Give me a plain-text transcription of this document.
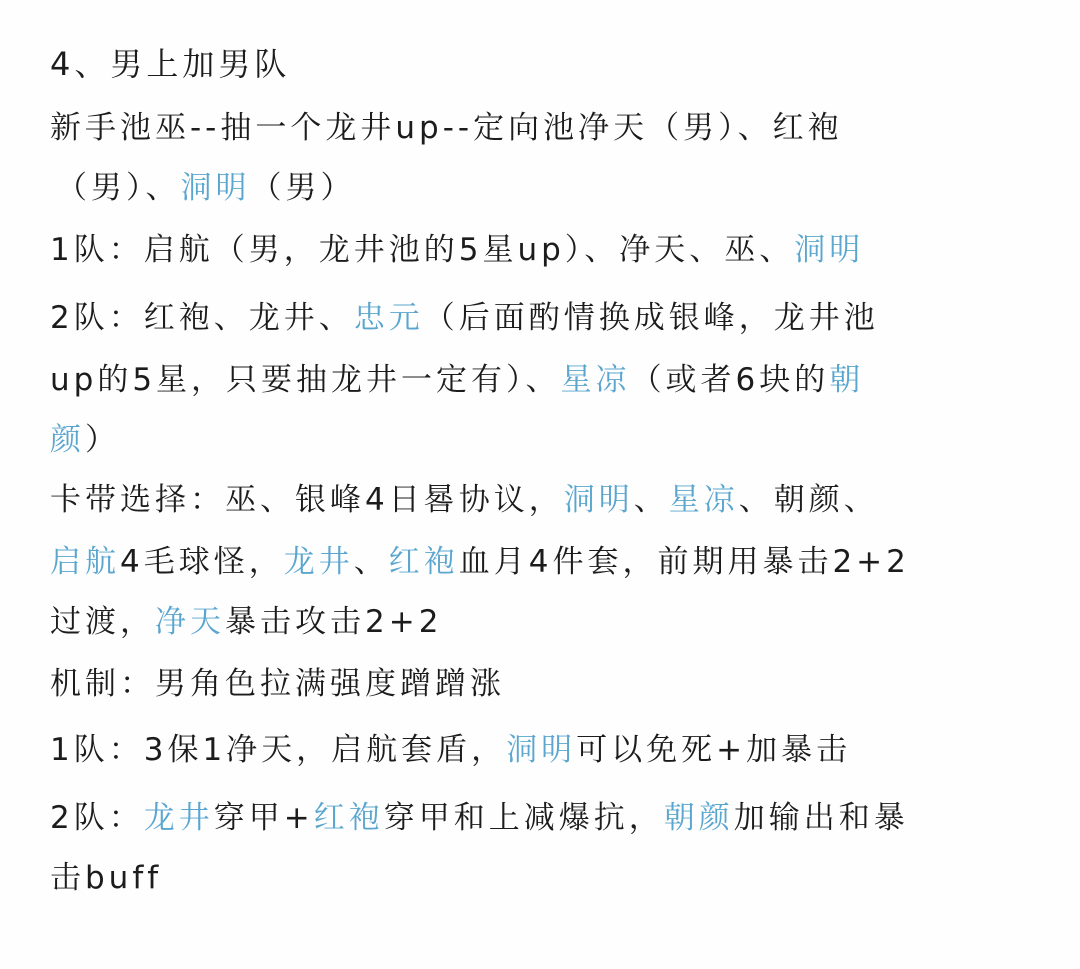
4、男上加男队
新手池巫--抽一个龙井up--定向池净天（男）、红袍
（男）、洞明（男）
1队：启航（男，龙井池的5星up）、净天、巫、洞明
2队：红袍、龙井、忠元（后面酌情换成银峰，龙井池
up的5星，只要抽龙井一定有）、星凉（或者6块的朝
颜）
卡带选择：巫、银峰4日晷协议，洞明、星凉、朝颜、
启航4毛球怪，龙井、红袍血月4件套，前期用暴击2+2
过渡，净天暴击攻击2+2
机制：男角色拉满强度蹭蹭涨
1队：3保1净天，启航套盾，洞明可以免死+加暴击
2队：龙井穿甲+红袍穿甲和上减爆抗，朝颜加输出和暴
击buff
